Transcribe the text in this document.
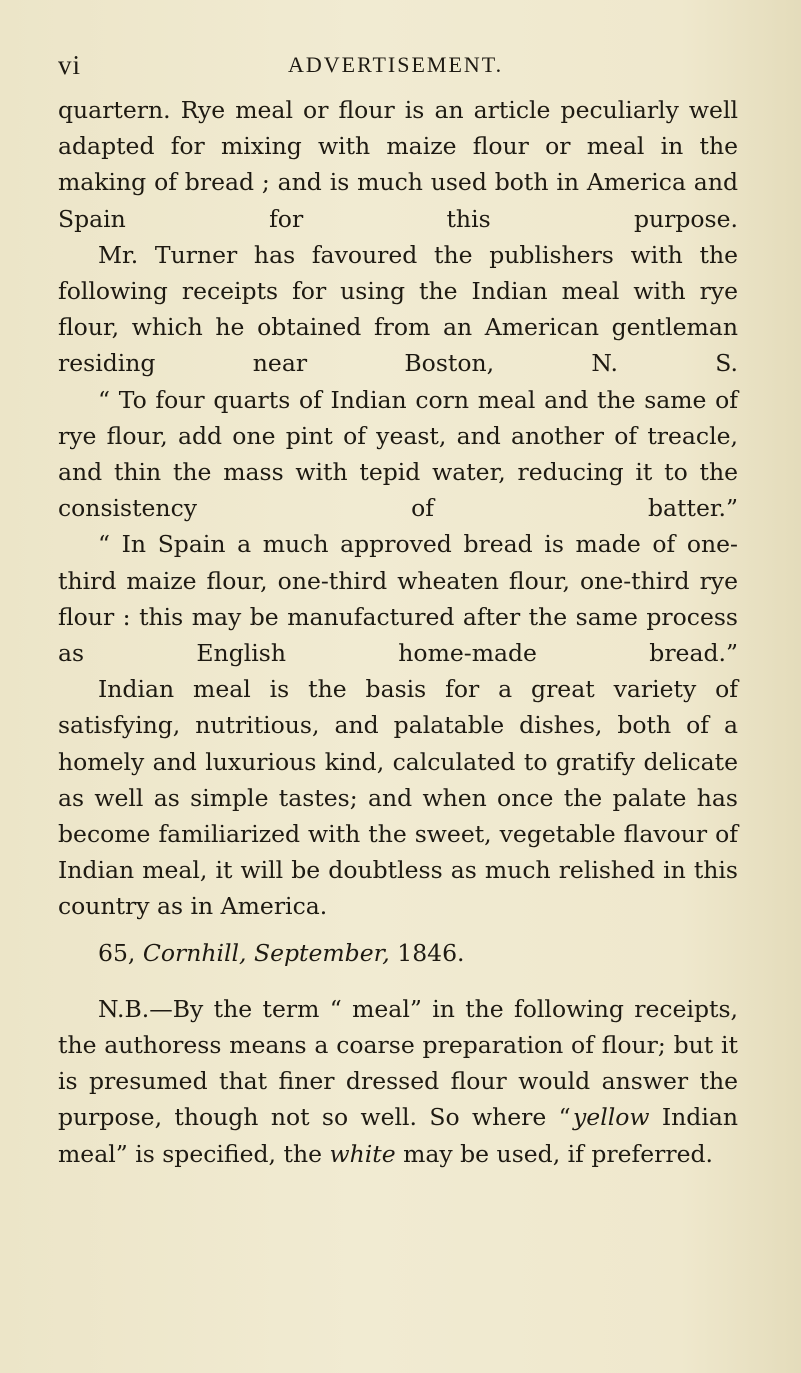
vi	ADVERTISEMENT.

quartern. Rye meal or flour is an article peculiarly well adapted for mixing with maize flour or meal in the making of bread ; and is much used both in America and Spain for this purpose.

Mr. Turner has favoured the publishers with the following receipts for using the Indian meal with rye flour, which he obtained from an American gentleman residing near Boston, N. S.

“ To four quarts of Indian corn meal and the same of rye flour, add one pint of yeast, and another of treacle, and thin the mass with tepid water, reducing it to the consistency of batter.”

“ In Spain a much approved bread is made of one-third maize flour, one-third wheaten flour, one-third rye flour : this may be manufactured after the same process as English home-made bread.”

Indian meal is the basis for a great variety of satisfying, nutritious, and palatable dishes, both of a homely and luxurious kind, calculated to gratify delicate as well as simple tastes; and when once the palate has become familiarized with the sweet, vegetable flavour of Indian meal, it will be doubtless as much relished in this country as in America.

65, Cornhill, September, 1846.

N.B.—By the term “ meal” in the following receipts, the authoress means a coarse preparation of flour; but it is presumed that finer dressed flour would answer the purpose, though not so well. So where “ yellow Indian meal” is specified, the white may be used, if preferred.
